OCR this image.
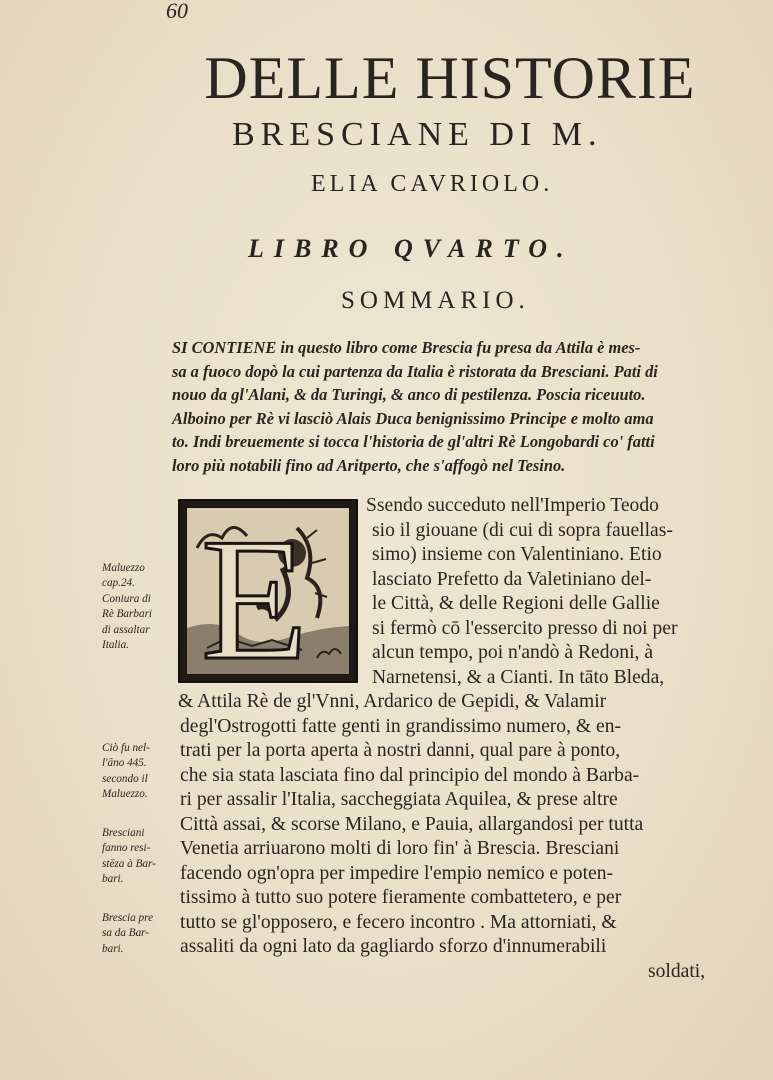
60
DELLE HISTORIE
BRESCIANE DI M.
ELIA CAVRIOLO.
LIBRO QVARTO.
SOMMARIO.
SI CONTIENE in questo libro come Brescia fu presa da Attila è mes-
sa a fuoco dopò la cui partenza da Italia è ristorata da Bresciani. Pati di
nouo da gl'Alani, & da Turingi, & anco di pestilenza. Poscia riceuuto.
Alboino per Rè vi lasciò Alais Duca benignissimo Principe e molto ama
to. Indi breuemente si tocca l'historia de gl'altri Rè Longobardi co' fatti
loro più notabili fino ad Aritperto, che s'affogò nel Tesino.
E	Ssendo succeduto nell'Imperio Teodo
sio il giouane (di cui di sopra fauellas-
simo) insieme con Valentiniano. Etio
lasciato Prefetto da Valetiniano del-
le Città, & delle Regioni delle Gallie
si fermò cō l'essercito presso di noi per
alcun tempo, poi n'andò à Redoni, à
Narnetensi, & a Cianti. In tāto Bleda,
& Attila Rè de gl'Vnni, Ardarico de Gepidi, & Valamir
degl'Ostrogotti fatte genti in grandissimo numero, & en-
trati per la porta aperta à nostri danni, qual pare à ponto,
che sia stata lasciata fino dal principio del mondo à Barba-
ri per assalir l'Italia, saccheggiata Aquilea, & prese altre
Città assai, & scorse Milano, e Pauia, allargandosi per tutta
Venetia arriuarono molti di loro fin' à Brescia. Bresciani
facendo ogn'opra per impedire l'empio nemico e poten-
tissimo à tutto suo potere fieramente combattetero, e per
tutto se gl'opposero, e fecero incontro . Ma attorniati, &
assaliti da ogni lato da gagliardo sforzo d'innumerabili
soldati,
Maluezzo
cap.24.
Coniura di
Rè Barbari
di assaltar
Italia.
Ciò fu nel-
l'āno 445.
secondo il
Maluezzo.
Bresciani
fanno resi-
stēza à Bar-
bari.
Brescia pre
sa da Bar-
bari.
